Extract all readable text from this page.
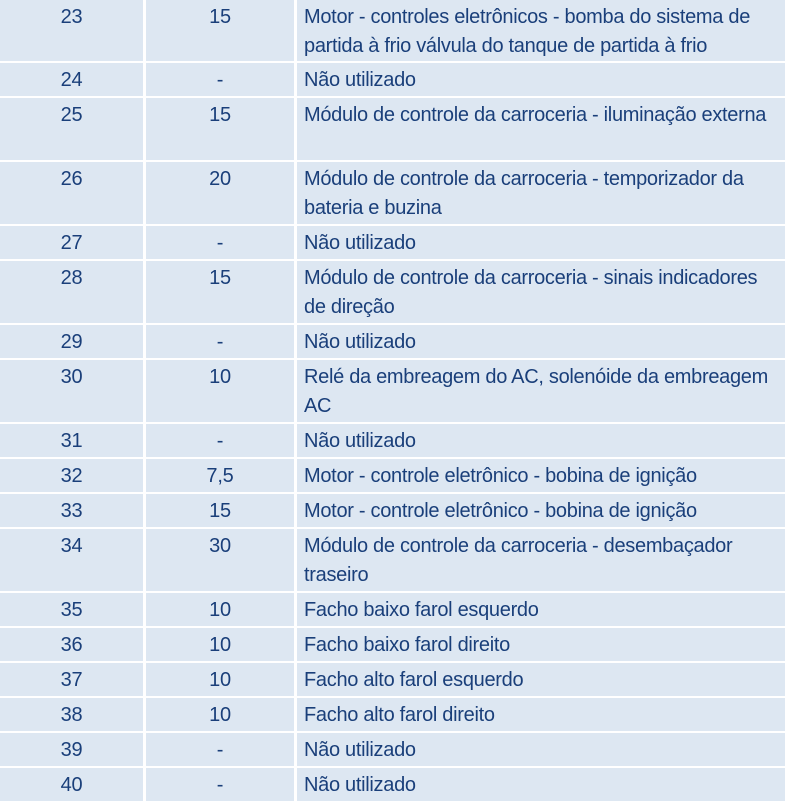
23	15	Motor - controles eletrônicos - bomba do sistema de partida à frio válvula do tanque de partida à frio
24	-	Não utilizado
25	15	Módulo de controle da carroceria - iluminação externa
26	20	Módulo de controle da carroceria - temporizador da bateria e buzina
27	-	Não utilizado
28	15	Módulo de controle da carroceria - sinais indicadores de direção
29	-	Não utilizado
30	10	Relé da embreagem do AC, solenóide da embreagem AC
31	-	Não utilizado
32	7,5	Motor - controle eletrônico - bobina de ignição
33	15	Motor - controle eletrônico - bobina de ignição
34	30	Módulo de controle da carroceria - desembaçador traseiro
35	10	Facho baixo farol esquerdo
36	10	Facho baixo farol direito
37	10	Facho alto farol esquerdo
38	10	Facho alto farol direito
39	-	Não utilizado
40	-	Não utilizado
